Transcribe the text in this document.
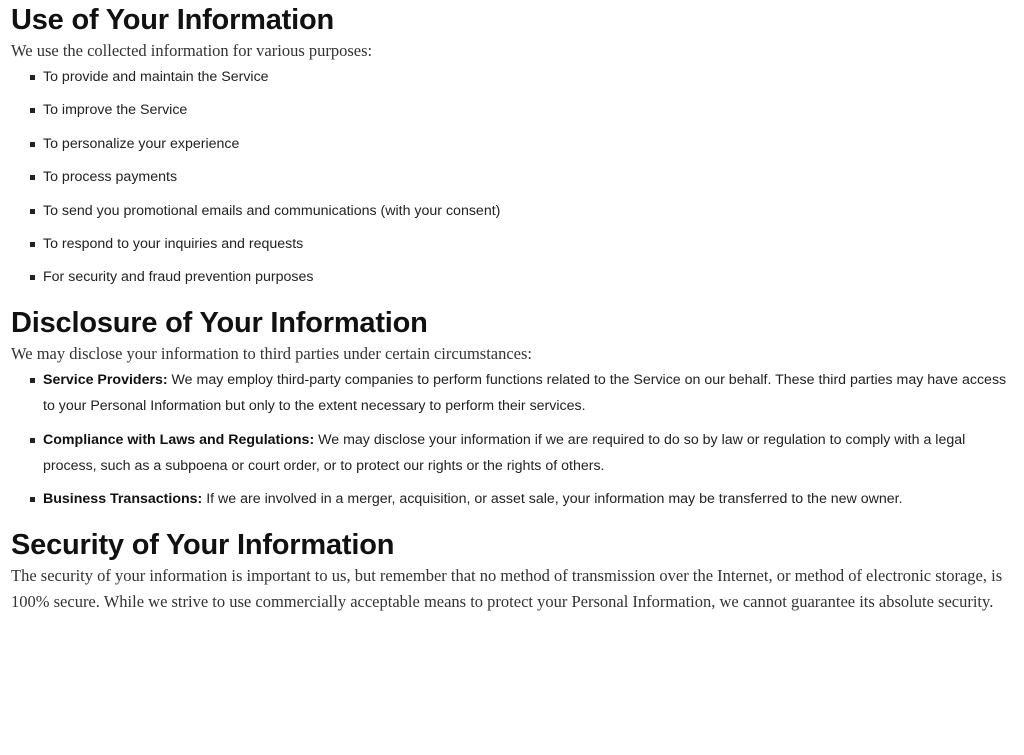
Use of Your Information

We use the collected information for various purposes:

To provide and maintain the Service
To improve the Service
To personalize your experience
To process payments
To send you promotional emails and communications (with your consent)
To respond to your inquiries and requests
For security and fraud prevention purposes
Disclosure of Your Information

We may disclose your information to third parties under certain circumstances:

Service Providers: We may employ third-party companies to perform functions related to the Service on our behalf. These third parties may have access to your Personal Information but only to the extent necessary to perform their services.
Compliance with Laws and Regulations: We may disclose your information if we are required to do so by law or regulation to comply with a legal process, such as a subpoena or court order, or to protect our rights or the rights of others.
Business Transactions: If we are involved in a merger, acquisition, or asset sale, your information may be transferred to the new owner.
Security of Your Information

The security of your information is important to us, but remember that no method of transmission over the Internet, or method of electronic storage, is 100% secure. While we strive to use commercially acceptable means to protect your Personal Information, we cannot guarantee its absolute security.
